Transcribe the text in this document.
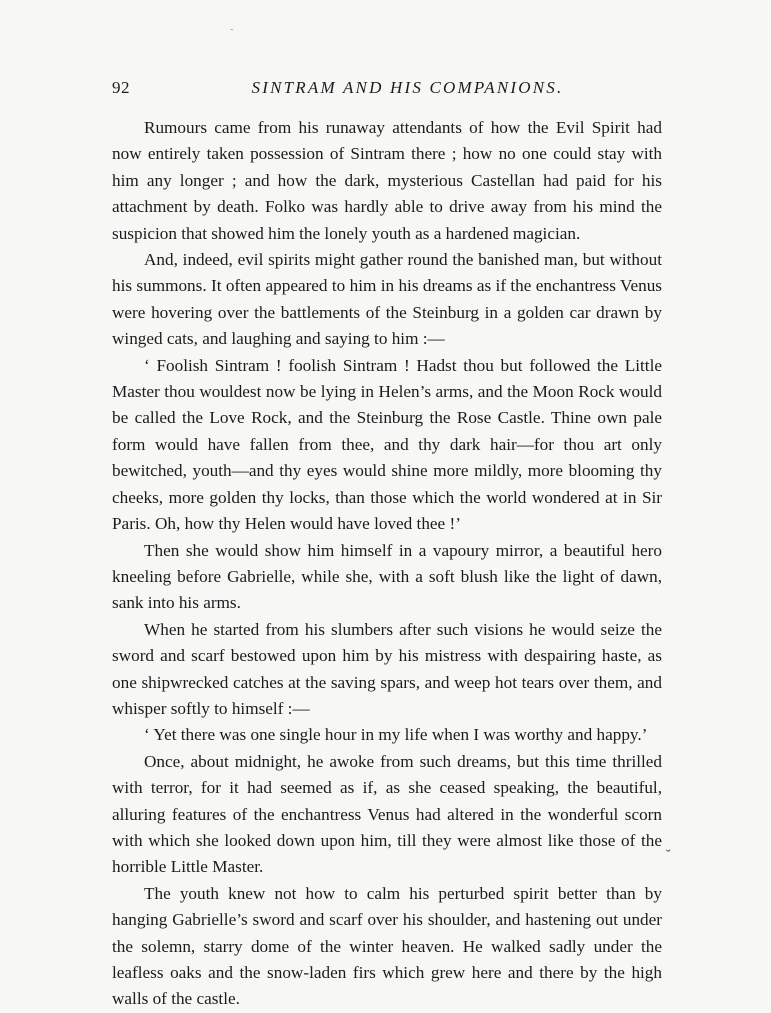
˜
92	SINTRAM AND HIS COMPANIONS.

Rumours came from his runaway attendants of how the Evil Spirit had now entirely taken possession of Sintram there ; how no one could stay with him any longer ; and how the dark, mysterious Castellan had paid for his attachment by death. Folko was hardly able to drive away from his mind the suspicion that showed him the lonely youth as a hardened magician.

And, indeed, evil spirits might gather round the banished man, but without his summons. It often appeared to him in his dreams as if the enchantress Venus were hovering over the battlements of the Steinburg in a golden car drawn by winged cats, and laughing and saying to him :—

‘ Foolish Sintram ! foolish Sintram ! Hadst thou but followed the Little Master thou wouldest now be lying in Helen’s arms, and the Moon Rock would be called the Love Rock, and the Steinburg the Rose Castle. Thine own pale form would have fallen from thee, and thy dark hair—for thou art only bewitched, youth—and thy eyes would shine more mildly, more blooming thy cheeks, more golden thy locks, than those which the world wondered at in Sir Paris. Oh, how thy Helen would have loved thee !’

Then she would show him himself in a vapoury mirror, a beautiful hero kneeling before Gabrielle, while she, with a soft blush like the light of dawn, sank into his arms.

When he started from his slumbers after such visions he would seize the sword and scarf bestowed upon him by his mistress with despairing haste, as one shipwrecked catches at the saving spars, and weep hot tears over them, and whisper softly to himself :—

‘ Yet there was one single hour in my life when I was worthy and happy.’

Once, about midnight, he awoke from such dreams, but this time thrilled with terror, for it had seemed as if, as she ceased speaking, the beautiful, alluring features of the enchantress Venus had altered in the wonderful scorn with which she looked down upon him, till they were almost like those of the horrible Little Master.

The youth knew not how to calm his perturbed spirit better than by hanging Gabrielle’s sword and scarf over his shoulder, and hastening out under the solemn, starry dome of the winter heaven. He walked sadly under the leafless oaks and the snow-laden firs which grew here and there by the high walls of the castle.

˘
